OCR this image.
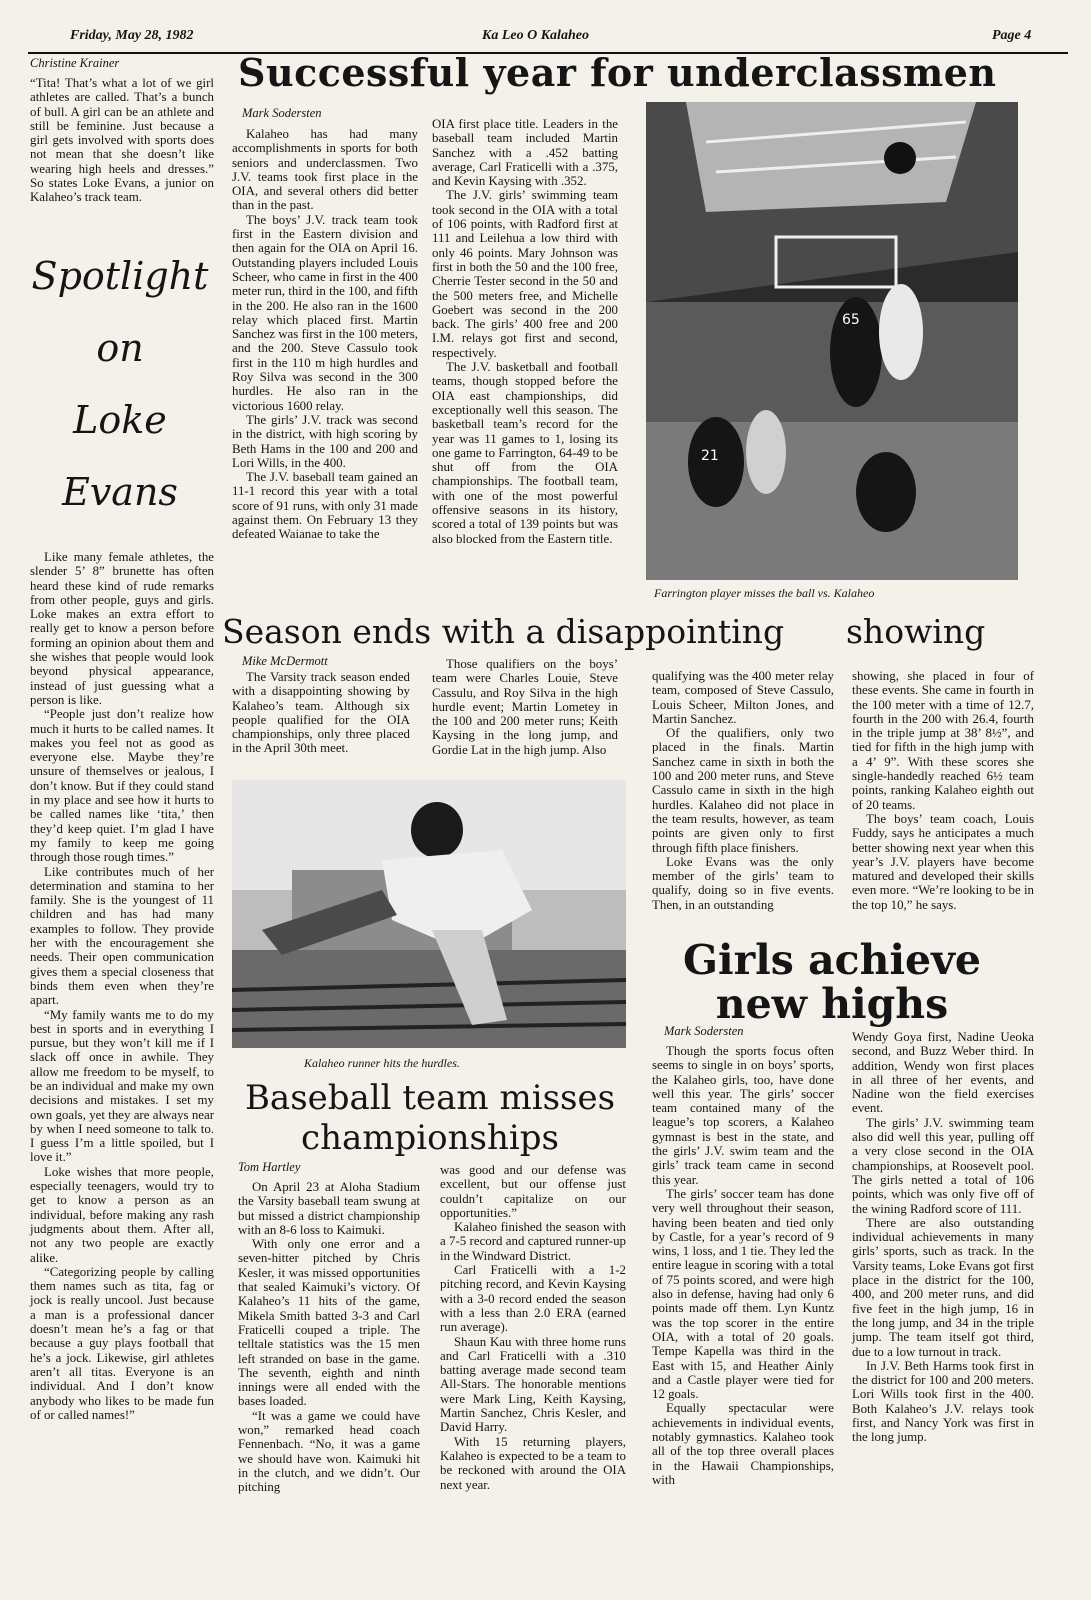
Friday, May 28, 1982	Ka Leo O Kalaheo	Page 4
Christine Krainer

“Tita! That’s what a lot of we girl athletes are called. That’s a bunch of bull. A girl can be an athlete and still be feminine. Just because a girl gets involved with sports does not mean that she doesn’t like wearing high heels and dresses.” So states Loke Evans, a junior on Kalaheo’s track team.

Spotlight
on
Loke
Evans

Like many female athletes, the slender 5’ 8” brunette has often heard these kind of rude remarks from other people, guys and girls. Loke makes an extra effort to really get to know a person before forming an opinion about them and she wishes that people would look beyond physical appearance, instead of just guessing what a person is like.

“People just don’t realize how much it hurts to be called names. It makes you feel not as good as everyone else. Maybe they’re unsure of themselves or jealous, I don’t know. But if they could stand in my place and see how it hurts to be called names like ‘tita,’ then they’d keep quiet. I’m glad I have my family to keep me going through those rough times.”

Like contributes much of her determination and stamina to her family. She is the youngest of 11 children and has had many examples to follow. They provide her with the encouragement she needs. Their open communication gives them a special closeness that binds them even when they’re apart.

“My family wants me to do my best in sports and in everything I pursue, but they won’t kill me if I slack off once in awhile. They allow me freedom to be myself, to be an individual and make my own decisions and mistakes. I set my own goals, yet they are always near by when I need someone to talk to. I guess I’m a little spoiled, but I love it.”

Loke wishes that more people, especially teenagers, would try to get to know a person as an individual, before making any rash judgments about them. After all, not any two people are exactly alike.

“Categorizing people by calling them names such as tita, fag or jock is really uncool. Just because a man is a professional dancer doesn’t mean he’s a fag or that because a guy plays football that he’s a jock. Likewise, girl athletes aren’t all titas. Everyone is an individual. And I don’t know anybody who likes to be made fun of or called names!”

Successful year for underclassmen
Mark Sodersten

Kalaheo has had many accomplishments in sports for both seniors and underclassmen. Two J.V. teams took first place in the OIA, and several others did better than in the past.

The boys’ J.V. track team took first in the Eastern division and then again for the OIA on April 16. Outstanding players included Louis Scheer, who came in first in the 400 meter run, third in the 100, and fifth in the 200. He also ran in the 1600 relay which placed first. Martin Sanchez was first in the 100 meters, and the 200. Steve Cassulo took first in the 110 m high hurdles and Roy Silva was second in the 300 hurdles. He also ran in the victorious 1600 relay.

The girls’ J.V. track was second in the district, with high scoring by Beth Hams in the 100 and 200 and Lori Wills, in the 400.

The J.V. baseball team gained an 11-1 record this year with a total score of 91 runs, with only 31 made against them. On February 13 they defeated Waianae to take the

OIA first place title. Leaders in the baseball team included Martin Sanchez with a .452 batting average, Carl Fraticelli with a .375, and Kevin Kaysing with .352.

The J.V. girls’ swimming team took second in the OIA with a total of 106 points, with Radford first at 111 and Leilehua a low third with only 46 points. Mary Johnson was first in both the 50 and the 100 free, Cherrie Tester second in the 50 and the 500 meters free, and Michelle Goebert was second in the 200 back. The girls’ 400 free and 200 I.M. relays got first and second, respectively.

The J.V. basketball and football teams, though stopped before the OIA east championships, did exceptionally well this season. The basketball team’s record for the year was 11 games to 1, losing its one game to Farrington, 64-49 to be shut off from the OIA championships. The football team, with one of the most powerful offensive seasons in its history, scored a total of 139 points but was also blocked from the Eastern title.

65
21
Farrington player misses the ball vs. Kalaheo
Season ends with a disappointing showing
Mike McDermott

The Varsity track season ended with a disappointing showing by Kalaheo’s team. Although six people qualified for the OIA championships, only three placed in the April 30th meet.

Those qualifiers on the boys’ team were Charles Louie, Steve Cassulu, and Roy Silva in the high hurdle event; Martin Lometey in the 100 and 200 meter runs; Keith Kaysing in the long jump, and Gordie Lat in the high jump. Also

qualifying was the 400 meter relay team, composed of Steve Cassulo, Louis Scheer, Milton Jones, and Martin Sanchez.

Of the qualifiers, only two placed in the finals. Martin Sanchez came in sixth in both the 100 and 200 meter runs, and Steve Cassulo came in sixth in the high hurdles. Kalaheo did not place in the team results, however, as team points are given only to first through fifth place finishers.

Loke Evans was the only member of the girls’ team to qualify, doing so in five events. Then, in an outstanding

showing, she placed in four of these events. She came in fourth in the 100 meter with a time of 12.7, fourth in the 200 with 26.4, fourth in the triple jump at 38’ 8½”, and tied for fifth in the high jump with a 4’ 9”. With these scores she single-handedly reached 6½ team points, ranking Kalaheo eighth out of 20 teams.

The boys’ team coach, Louis Fuddy, says he anticipates a much better showing next year when this year’s J.V. players have become matured and developed their skills even more. “We’re looking to be in the top 10,” he says.

Kalaheo runner hits the hurdles.
Baseball team misses
championships
Tom Hartley

On April 23 at Aloha Stadium the Varsity baseball team swung at but missed a district championship with an 8-6 loss to Kaimuki.

With only one error and a seven-hitter pitched by Chris Kesler, it was missed opportunities that sealed Kaimuki’s victory. Of Kalaheo’s 11 hits of the game, Mikela Smith batted 3-3 and Carl Fraticelli couped a triple. The telltale statistics was the 15 men left stranded on base in the game. The seventh, eighth and ninth innings were all ended with the bases loaded.

“It was a game we could have won,” remarked head coach Fennenbach. “No, it was a game we should have won. Kaimuki hit in the clutch, and we didn’t. Our pitching

was good and our defense was excellent, but our offense just couldn’t capitalize on our opportunities.”

Kalaheo finished the season with a 7-5 record and captured runner-up in the Windward District.

Carl Fraticelli with a 1-2 pitching record, and Kevin Kaysing with a 3-0 record ended the season with a less than 2.0 ERA (earned run average).

Shaun Kau with three home runs and Carl Fraticelli with a .310 batting average made second team All-Stars. The honorable mentions were Mark Ling, Keith Kaysing, Martin Sanchez, Chris Kesler, and David Harry.

With 15 returning players, Kalaheo is expected to be a team to be reckoned with around the OIA next year.

Girls achieve
new highs
Mark Sodersten

Though the sports focus often seems to single in on boys’ sports, the Kalaheo girls, too, have done well this year. The girls’ soccer team contained many of the league’s top scorers, a Kalaheo gymnast is best in the state, and the girls’ J.V. swim team and the girls’ track team came in second this year.

The girls’ soccer team has done very well throughout their season, having been beaten and tied only by Castle, for a year’s record of 9 wins, 1 loss, and 1 tie. They led the entire league in scoring with a total of 75 points scored, and were high also in defense, having had only 6 points made off them. Lyn Kuntz was the top scorer in the entire OIA, with a total of 20 goals. Tempe Kapella was third in the East with 15, and Heather Ainly and a Castle player were tied for 12 goals.

Equally spectacular were achievements in individual events, notably gymnastics. Kalaheo took all of the top three overall places in the Hawaii Championships, with

Wendy Goya first, Nadine Ueoka second, and Buzz Weber third. In addition, Wendy won first places in all three of her events, and Nadine won the field exercises event.

The girls’ J.V. swimming team also did well this year, pulling off a very close second in the OIA championships, at Roosevelt pool. The girls netted a total of 106 points, which was only five off of the wining Radford score of 111.

There are also outstanding individual achievements in many girls’ sports, such as track. In the Varsity teams, Loke Evans got first place in the district for the 100, 400, and 200 meter runs, and did five feet in the high jump, 16 in the long jump, and 34 in the triple jump. The team itself got third, due to a low turnout in track.

In J.V. Beth Harms took first in the district for 100 and 200 meters. Lori Wills took first in the 400. Both Kalaheo’s J.V. relays took first, and Nancy York was first in the long jump.
